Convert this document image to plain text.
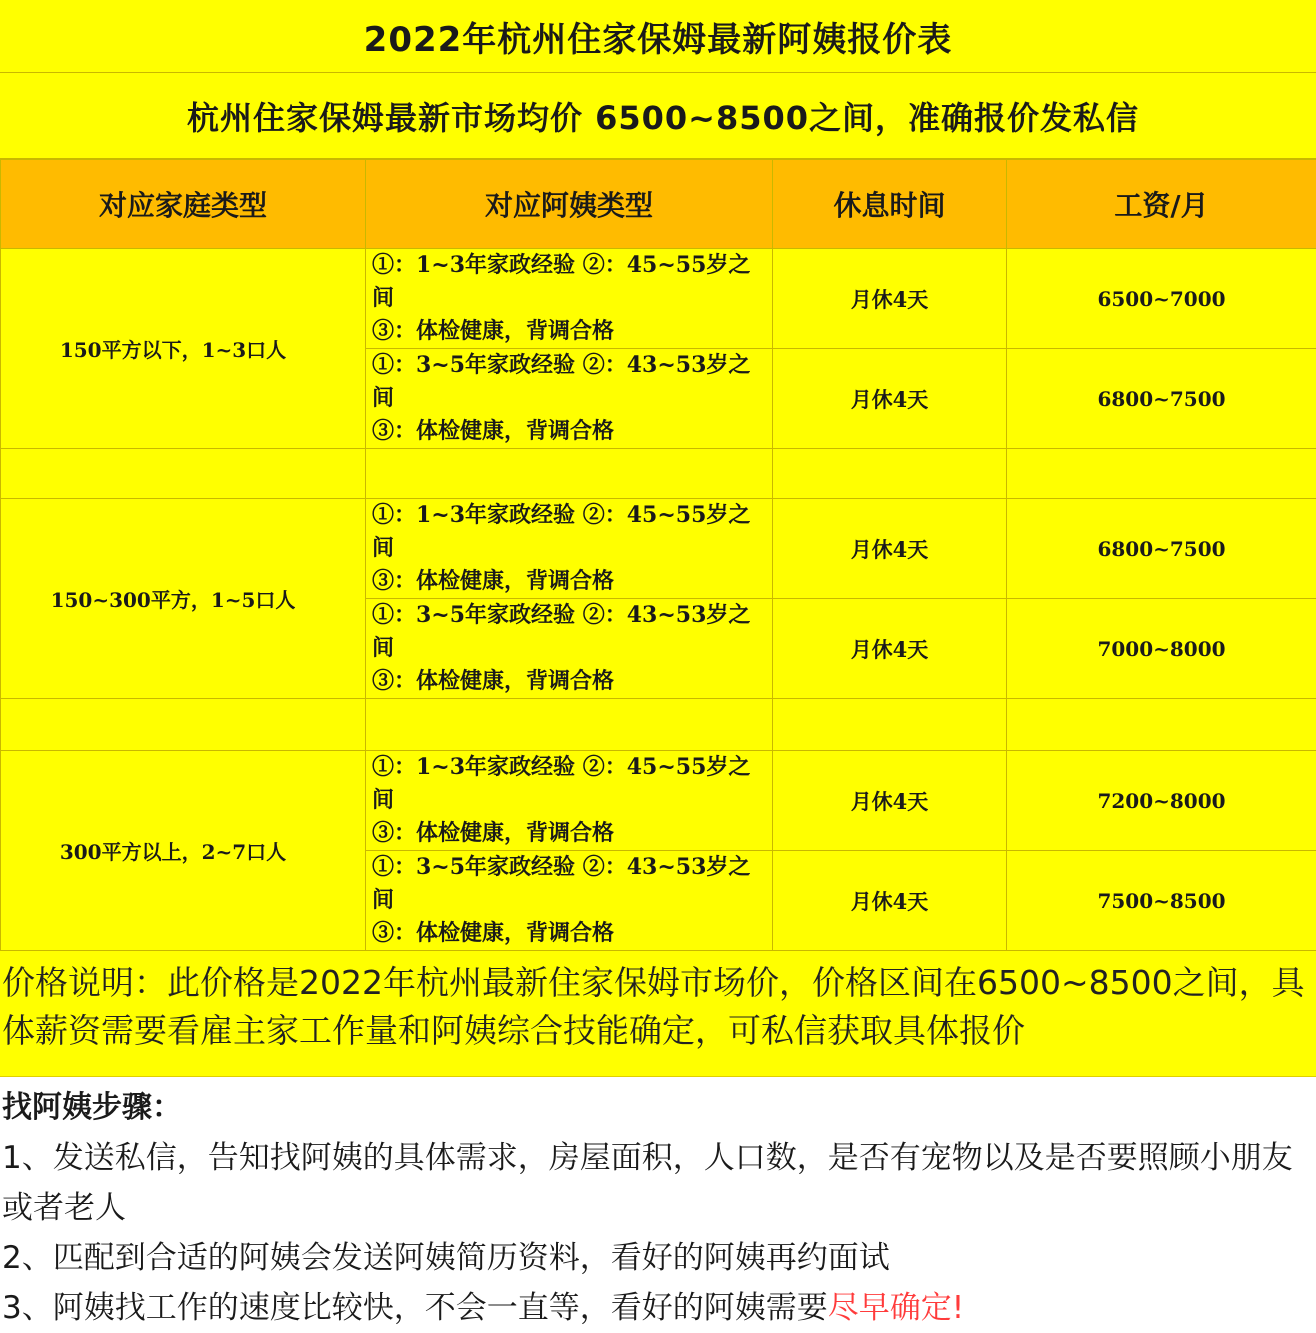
2022年杭州住家保姆最新阿姨报价表
杭州住家保姆最新市场均价 6500~8500之间，准确报价发私信
对应家庭类型	对应阿姨类型	休息时间	工资/月
150平方以下，1~3口人	①：1~3年家政经验 ②：45~55岁之间
③：体检健康，背调合格	月休4天	6500~7000

	①：3~5年家政经验 ②：43~53岁之间
③：体检健康，背调合格	月休4天	6800~7500

150~300平方，1~5口人	①：1~3年家政经验 ②：45~55岁之间
③：体检健康，背调合格	月休4天	6800~7500

	①：3~5年家政经验 ②：43~53岁之间
③：体检健康，背调合格	月休4天	7000~8000

300平方以上，2~7口人	①：1~3年家政经验 ②：45~55岁之间
③：体检健康，背调合格	月休4天	7200~8000

	①：3~5年家政经验 ②：43~53岁之间
③：体检健康，背调合格	月休4天	7500~8500
价格说明：此价格是2022年杭州最新住家保姆市场价，价格区间在6500~8500之间，具体薪资需要看雇主家工作量和阿姨综合技能确定，可私信获取具体报价
找阿姨步骤：
1、发送私信，告知找阿姨的具体需求，房屋面积，人口数，是否有宠物以及是否要照顾小朋友或者老人
2、匹配到合适的阿姨会发送阿姨简历资料，看好的阿姨再约面试
3、阿姨找工作的速度比较快，不会一直等，看好的阿姨需要尽早确定!
